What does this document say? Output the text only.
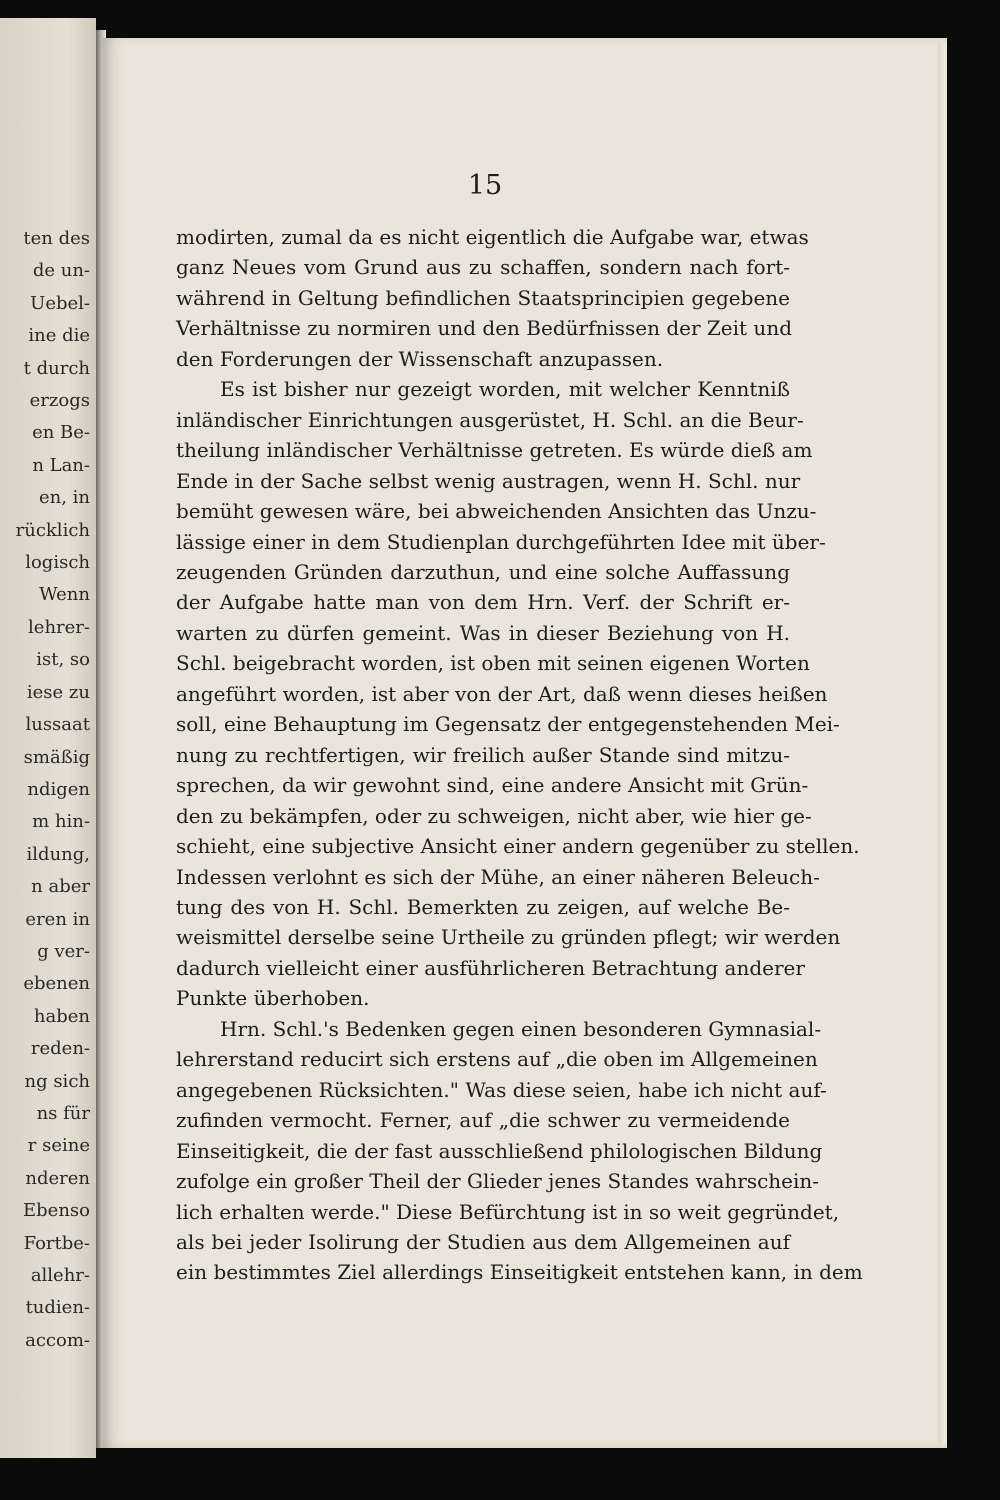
ten des
de un-
Uebel-
ine die
t durch
erzogs
en Be-
n Lan-
en, in
rücklich
logisch
Wenn
lehrer-
ist, so
iese zu
lussaat
smäßig
ndigen
m hin-
ildung,
n aber
eren in
g ver-
ebenen
haben
reden-
ng sich
ns für
r seine
nderen
Ebenso
Fortbe-
allehr-
tudien-
accom-
15
modirten, zumal da es nicht eigentlich die Aufgabe war, etwas
ganz Neues vom Grund aus zu schaffen, sondern nach fort-
während in Geltung befindlichen Staatsprincipien gegebene
Verhältnisse zu normiren und den Bedürfnissen der Zeit und
den Forderungen der Wissenschaft anzupassen.
Es ist bisher nur gezeigt worden, mit welcher Kenntniß
inländischer Einrichtungen ausgerüstet, H. Schl. an die Beur-
theilung inländischer Verhältnisse getreten. Es würde dieß am
Ende in der Sache selbst wenig austragen, wenn H. Schl. nur
bemüht gewesen wäre, bei abweichenden Ansichten das Unzu-
lässige einer in dem Studienplan durchgeführten Idee mit über-
zeugenden Gründen darzuthun, und eine solche Auffassung
der Aufgabe hatte man von dem Hrn. Verf. der Schrift er-
warten zu dürfen gemeint. Was in dieser Beziehung von H.
Schl. beigebracht worden, ist oben mit seinen eigenen Worten
angeführt worden, ist aber von der Art, daß wenn dieses heißen
soll, eine Behauptung im Gegensatz der entgegenstehenden Mei-
nung zu rechtfertigen, wir freilich außer Stande sind mitzu-
sprechen, da wir gewohnt sind, eine andere Ansicht mit Grün-
den zu bekämpfen, oder zu schweigen, nicht aber, wie hier ge-
schieht, eine subjective Ansicht einer andern gegenüber zu stellen.
Indessen verlohnt es sich der Mühe, an einer näheren Beleuch-
tung des von H. Schl. Bemerkten zu zeigen, auf welche Be-
weismittel derselbe seine Urtheile zu gründen pflegt; wir werden
dadurch vielleicht einer ausführlicheren Betrachtung anderer
Punkte überhoben.
Hrn. Schl.'s Bedenken gegen einen besonderen Gymnasial-
lehrerstand reducirt sich erstens auf „die oben im Allgemeinen
angegebenen Rücksichten." Was diese seien, habe ich nicht auf-
zufinden vermocht. Ferner, auf „die schwer zu vermeidende
Einseitigkeit, die der fast ausschließend philologischen Bildung
zufolge ein großer Theil der Glieder jenes Standes wahrschein-
lich erhalten werde." Diese Befürchtung ist in so weit gegründet,
als bei jeder Isolirung der Studien aus dem Allgemeinen auf
ein bestimmtes Ziel allerdings Einseitigkeit entstehen kann, in dem
